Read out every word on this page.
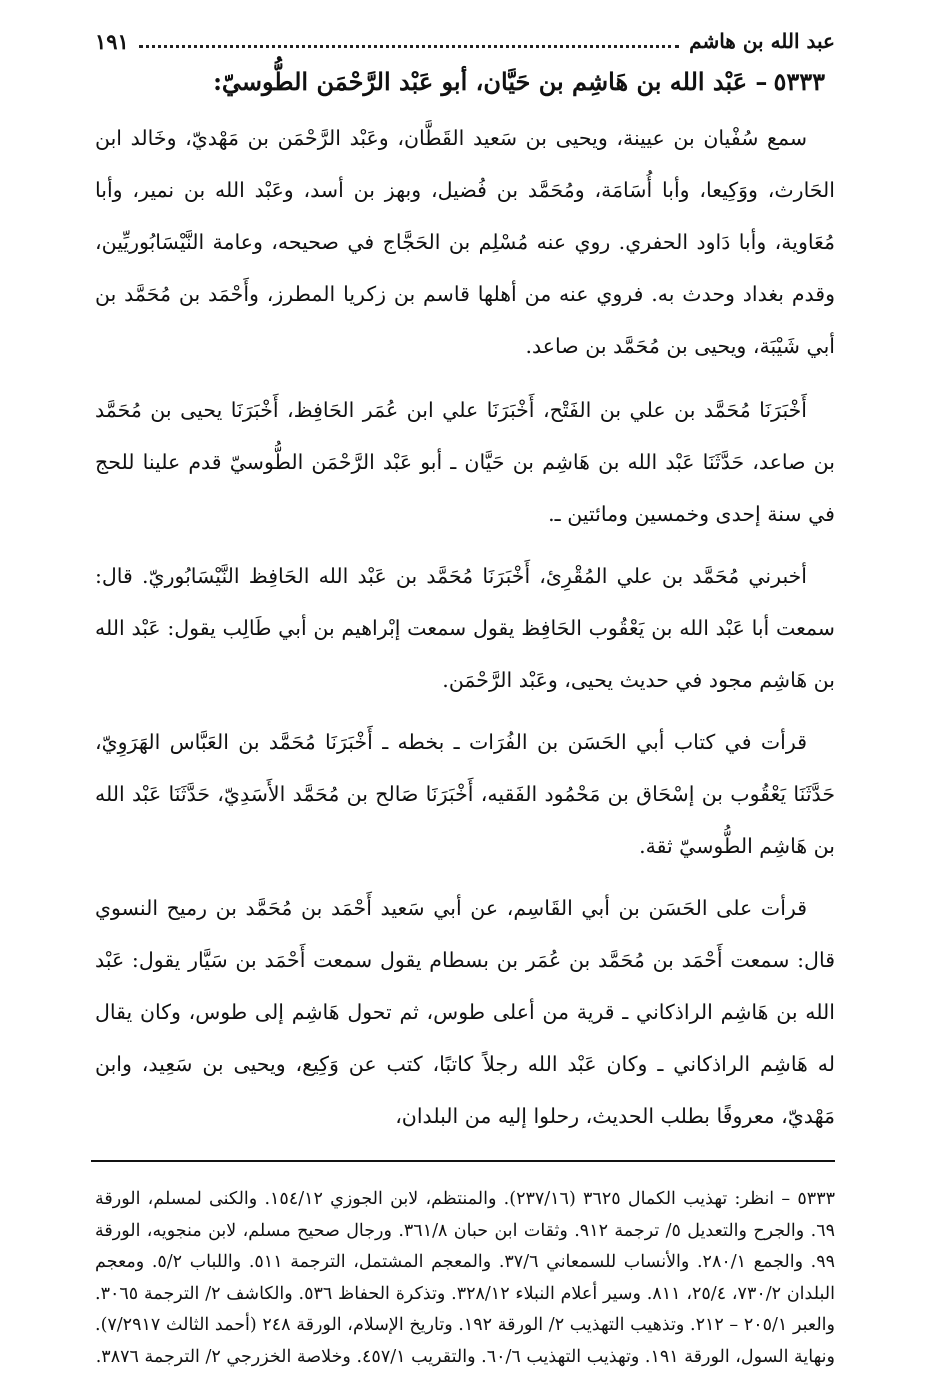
عبد الله بن هاشم
١٩١
٥٣٣٣– عَبْد الله بن هَاشِم بن حَيَّان، أبو عَبْد الرَّحْمَن الطُّوسيّ:

سمع سُفْيان بن عيينة، ويحيى بن سَعيد القَطَّان، وعَبْد الرَّحْمَن بن مَهْديّ، وخَالد ابن الحَارث، ووَكِيعا، وأبا أُسَامَة، ومُحَمَّد بن فُضيل، وبهز بن أسد، وعَبْد الله بن نمير، وأبا مُعَاوية، وأبا دَاود الحفري. روي عنه مُسْلِم بن الحَجَّاج في صحيحه، وعامة النَّيْسَابُوريِّين، وقدم بغداد وحدث به. فروي عنه من أهلها قاسم بن زكريا المطرز، وأَحْمَد بن مُحَمَّد بن أبي شَيْبَة، ويحيى بن مُحَمَّد بن صاعد.

أَخْبَرَنَا مُحَمَّد بن علي بن الفَتْح، أَخْبَرَنَا علي ابن عُمَر الحَافِظ، أَخْبَرَنَا يحيى بن مُحَمَّد بن صاعد، حَدَّثَنَا عَبْد الله بن هَاشِم بن حَيَّان ـ أبو عَبْد الرَّحْمَن الطُّوسيّ قدم علينا للحج في سنة إحدى وخمسين ومائتين ـ.

أخبرني مُحَمَّد بن علي المُقْرِئ، أَخْبَرَنَا مُحَمَّد بن عَبْد الله الحَافِظ النَّيْسَابُوريّ. قال: سمعت أبا عَبْد الله بن يَعْقُوب الحَافِظ يقول سمعت إبْراهيم بن أبي طَالِب يقول: عَبْد الله بن هَاشِم مجود في حديث يحيى، وعَبْد الرَّحْمَن.

قرأت في كتاب أبي الحَسَن بن الفُرَات ـ بخطه ـ أَخْبَرَنَا مُحَمَّد بن العَبَّاس الهَرَوِيّ، حَدَّثَنَا يَعْقُوب بن إسْحَاق بن مَحْمُود الفَقيه، أَخْبَرَنَا صَالح بن مُحَمَّد الأَسَدِيّ، حَدَّثَنَا عَبْد الله بن هَاشِم الطُّوسيّ ثقة.

قرأت على الحَسَن بن أبي القَاسِم، عن أبي سَعيد أَحْمَد بن مُحَمَّد بن رميح النسوي قال: سمعت أَحْمَد بن مُحَمَّد بن عُمَر بن بسطام يقول سمعت أَحْمَد بن سَيَّار يقول: عَبْد الله بن هَاشِم الراذكاني ـ قرية من أعلى طوس، ثم تحول هَاشِم إلى طوس، وكان يقال له هَاشِم الراذكاني ـ وكان عَبْد الله رجلاً كاتبًا، كتب عن وَكِيع، ويحيى بن سَعِيد، وابن مَهْديّ، معروفًا بطلب الحديث، رحلوا إليه من البلدان،

٥٣٣٣ – انظر: تهذيب الكمال ٣٦٢٥ (٢٣٧/١٦). والمنتظم، لابن الجوزي ١٥٤/١٢. والكنى لمسلم، الورقة ٦٩. والجرح والتعديل ٥/ ترجمة ٩١٢. وثقات ابن حبان ٣٦١/٨. ورجال صحيح مسلم، لابن منجويه، الورقة ٩٩. والجمع ٢٨٠/١. والأنساب للسمعاني ٣٧/٦. والمعجم المشتمل، الترجمة ٥١١. واللباب ٥/٢. ومعجم البلدان ٧٣٠/٢، ٢٥/٤، ٨١١. وسير أعلام النبلاء ٣٢٨/١٢. وتذكرة الحفاظ ٥٣٦. والكاشف ٢/ الترجمة ٣٠٦٥. والعبر ٢٠٥/١ – ٢١٢. وتذهيب التهذيب ٢/ الورقة ١٩٢. وتاريخ الإسلام، الورقة ٢٤٨ (أحمد الثالث ٧/٢٩١٧). ونهاية السول، الورقة ١٩١. وتهذيب التهذيب ٦٠/٦. والتقريب ٤٥٧/١. وخلاصة الخزرجي ٢/ الترجمة ٣٨٧٦.
